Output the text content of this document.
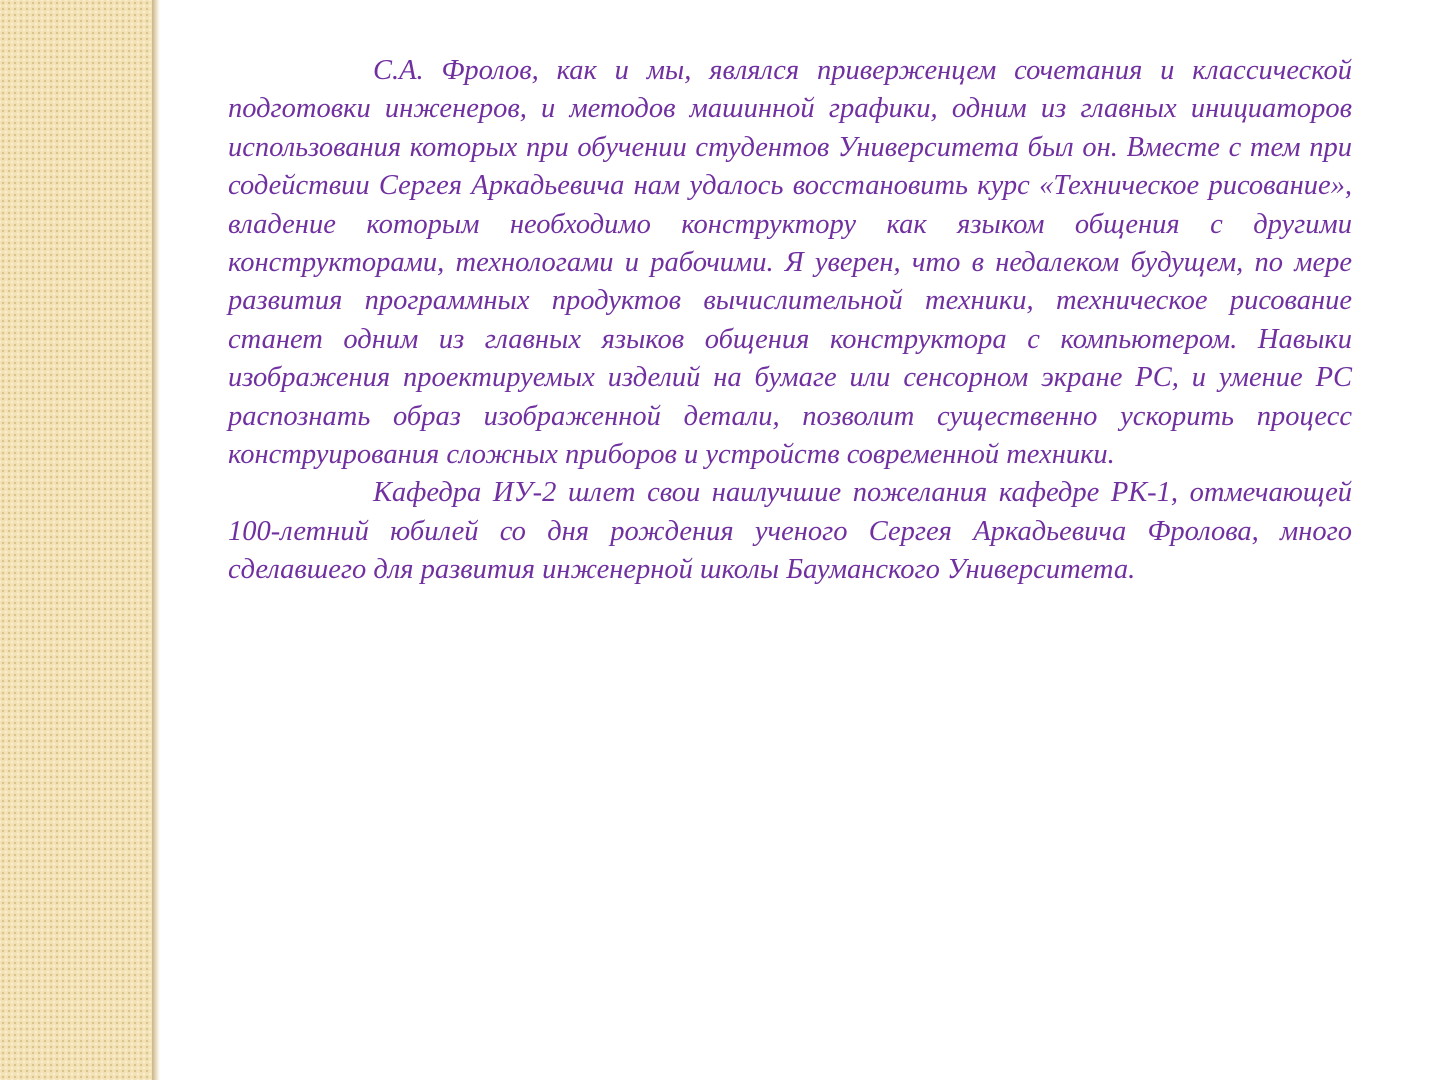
С.А. Фролов, как и мы, являлся приверженцем сочетания и классической подготовки инженеров, и методов машинной графики, одним из главных инициаторов использования которых при обучении студентов Университета был он. Вместе с тем при содействии Сергея Аркадьевича нам удалось восстановить курс «Техническое рисование», владение которым необходимо конструктору как языком общения с другими конструкторами, технологами и рабочими. Я уверен, что в недалеком будущем, по мере развития программных продуктов вычислительной техники, техническое рисование станет одним из главных языков общения конструктора с компьютером. Навыки изображения проектируемых изделий на бумаге или сенсорном экране PC, и умение PC распознать образ изображенной детали, позволит существенно ускорить процесс конструирования сложных приборов и устройств современной техники.

Кафедра ИУ-2 шлет свои наилучшие пожелания кафедре РК-1, отмечающей 100-летний юбилей со дня рождения ученого Сергея Аркадьевича Фролова, много сделавшего для развития инженерной школы Бауманского Университета.
